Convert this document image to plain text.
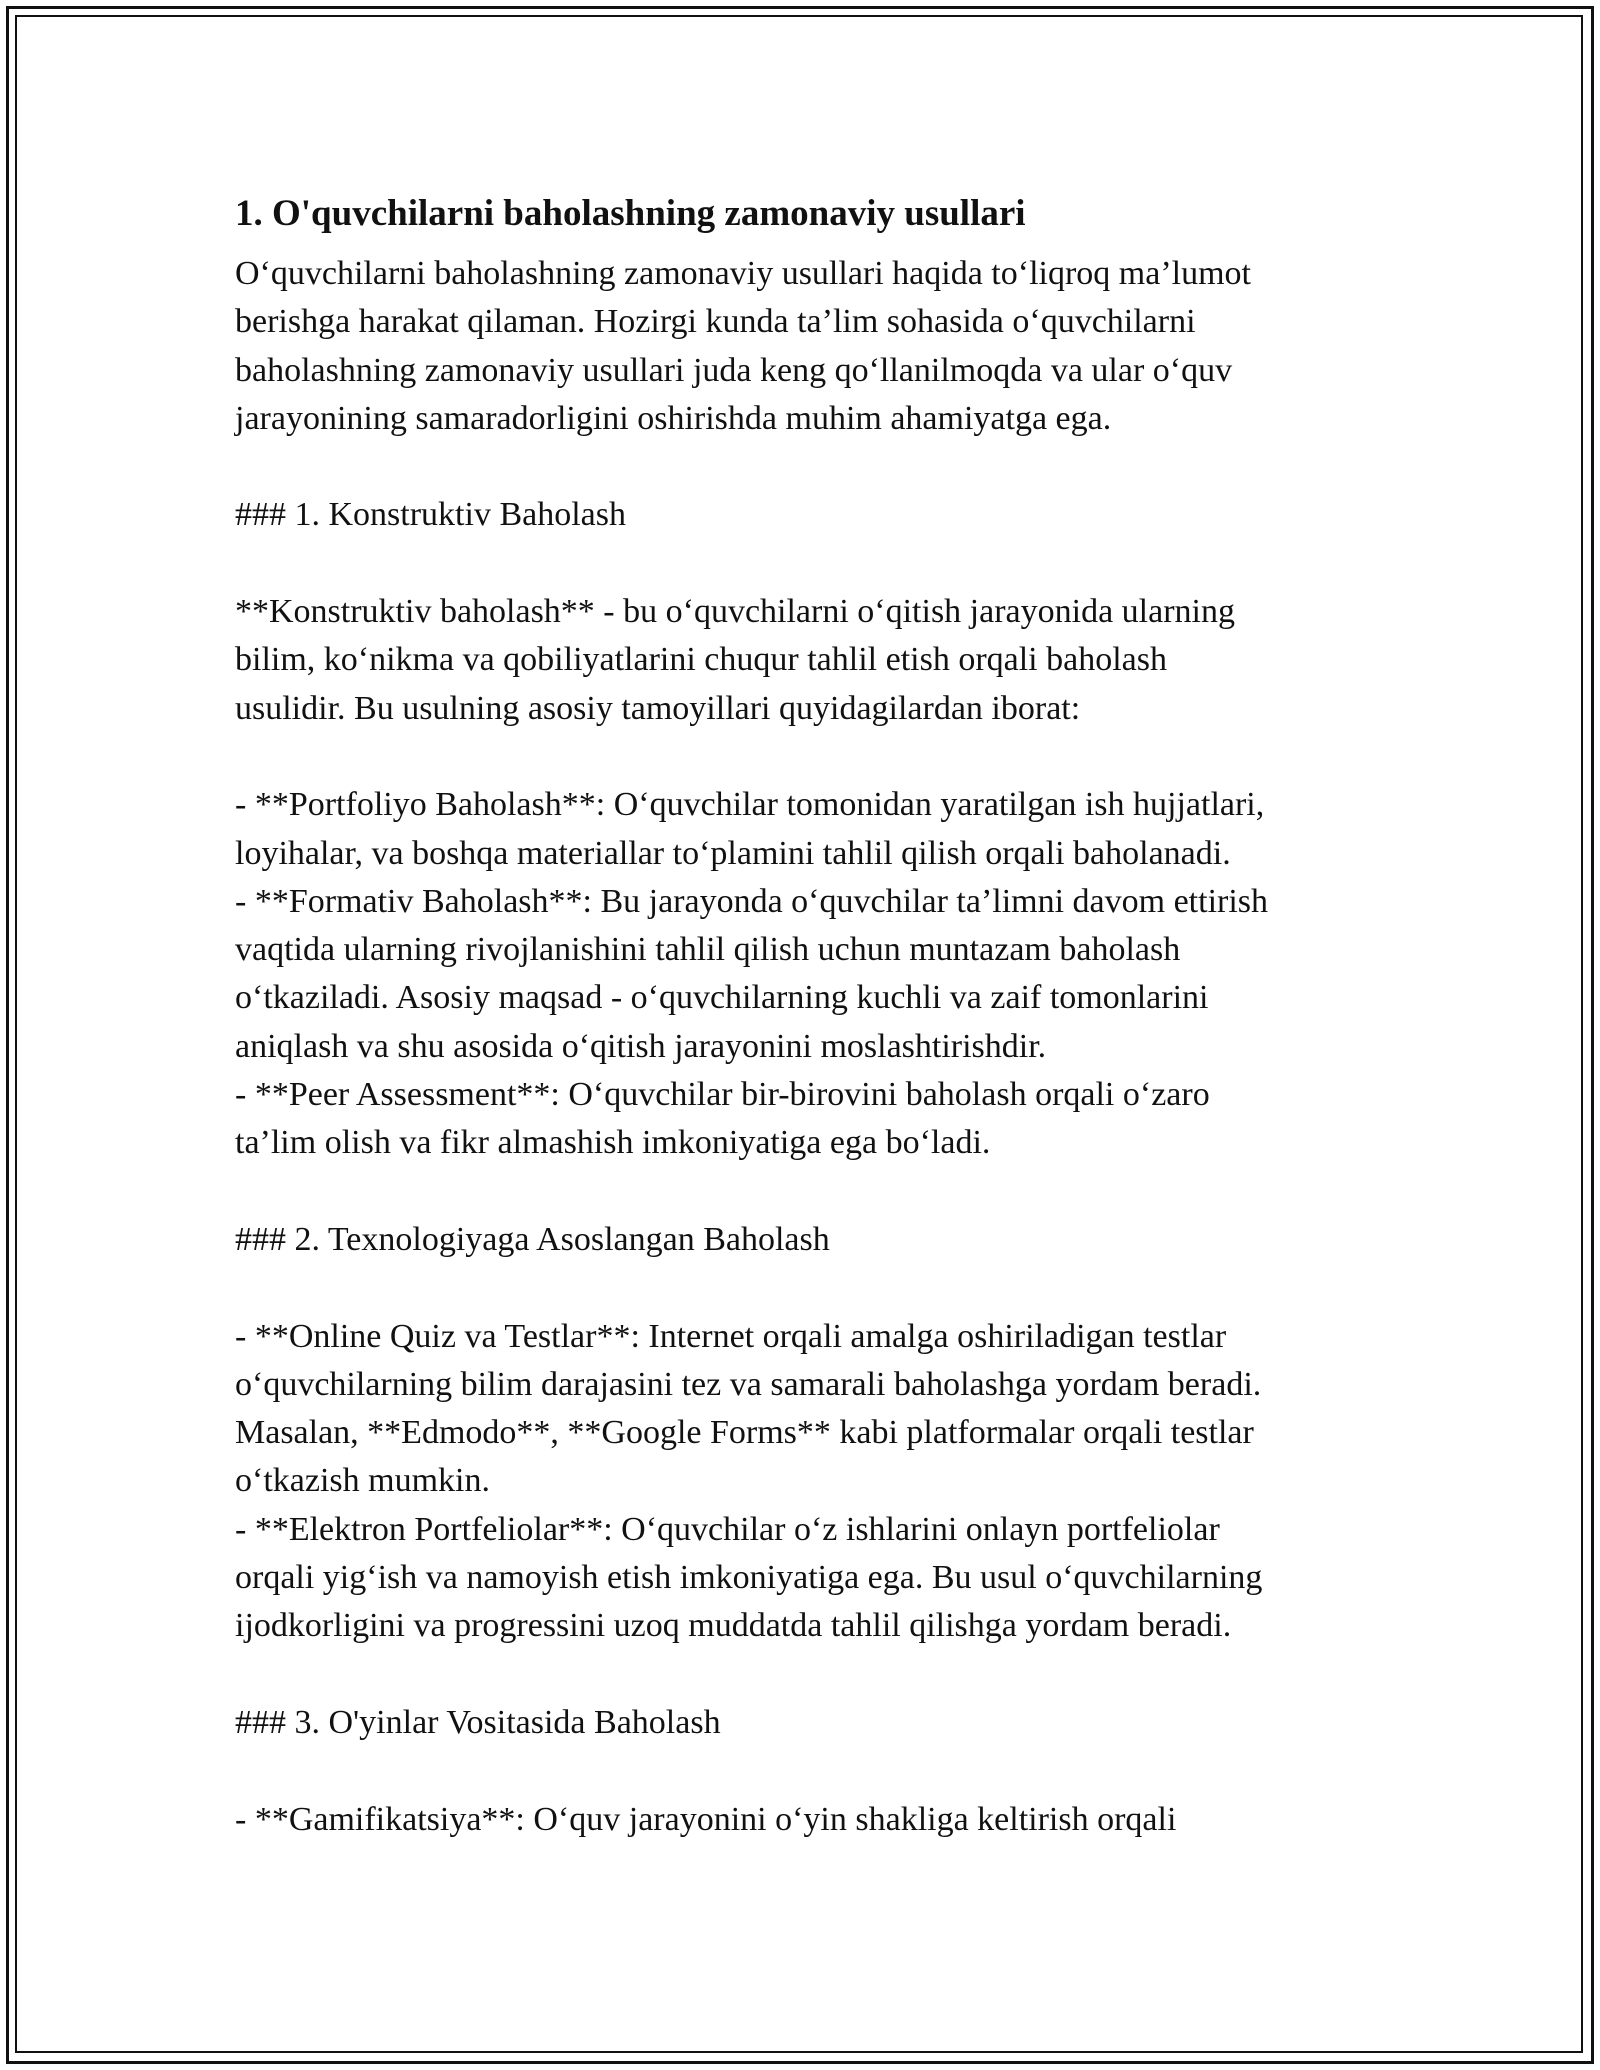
1. O'quvchilarni baholashning zamonaviy usullari
O‘quvchilarni baholashning zamonaviy usullari haqida to‘liqroq ma’lumot
berishga harakat qilaman. Hozirgi kunda ta’lim sohasida o‘quvchilarni
baholashning zamonaviy usullari juda keng qo‘llanilmoqda va ular o‘quv
jarayonining samaradorligini oshirishda muhim ahamiyatga ega.
### 1. Konstruktiv Baholash
**Konstruktiv baholash** - bu o‘quvchilarni o‘qitish jarayonida ularning
bilim, ko‘nikma va qobiliyatlarini chuqur tahlil etish orqali baholash
usulidir. Bu usulning asosiy tamoyillari quyidagilardan iborat:
- **Portfoliyo Baholash**: O‘quvchilar tomonidan yaratilgan ish hujjatlari,
loyihalar, va boshqa materiallar to‘plamini tahlil qilish orqali baholanadi.
- **Formativ Baholash**: Bu jarayonda o‘quvchilar ta’limni davom ettirish
vaqtida ularning rivojlanishini tahlil qilish uchun muntazam baholash
o‘tkaziladi. Asosiy maqsad - o‘quvchilarning kuchli va zaif tomonlarini
aniqlash va shu asosida o‘qitish jarayonini moslashtirishdir.
- **Peer Assessment**: O‘quvchilar bir-birovini baholash orqali o‘zaro
ta’lim olish va fikr almashish imkoniyatiga ega bo‘ladi.
### 2. Texnologiyaga Asoslangan Baholash
- **Online Quiz va Testlar**: Internet orqali amalga oshiriladigan testlar
o‘quvchilarning bilim darajasini tez va samarali baholashga yordam beradi.
Masalan, **Edmodo**, **Google Forms** kabi platformalar orqali testlar
o‘tkazish mumkin.
- **Elektron Portfeliolar**: O‘quvchilar o‘z ishlarini onlayn portfeliolar
orqali yig‘ish va namoyish etish imkoniyatiga ega. Bu usul o‘quvchilarning
ijodkorligini va progressini uzoq muddatda tahlil qilishga yordam beradi.
### 3. O'yinlar Vositasida Baholash
- **Gamifikatsiya**: O‘quv jarayonini o‘yin shakliga keltirish orqali
